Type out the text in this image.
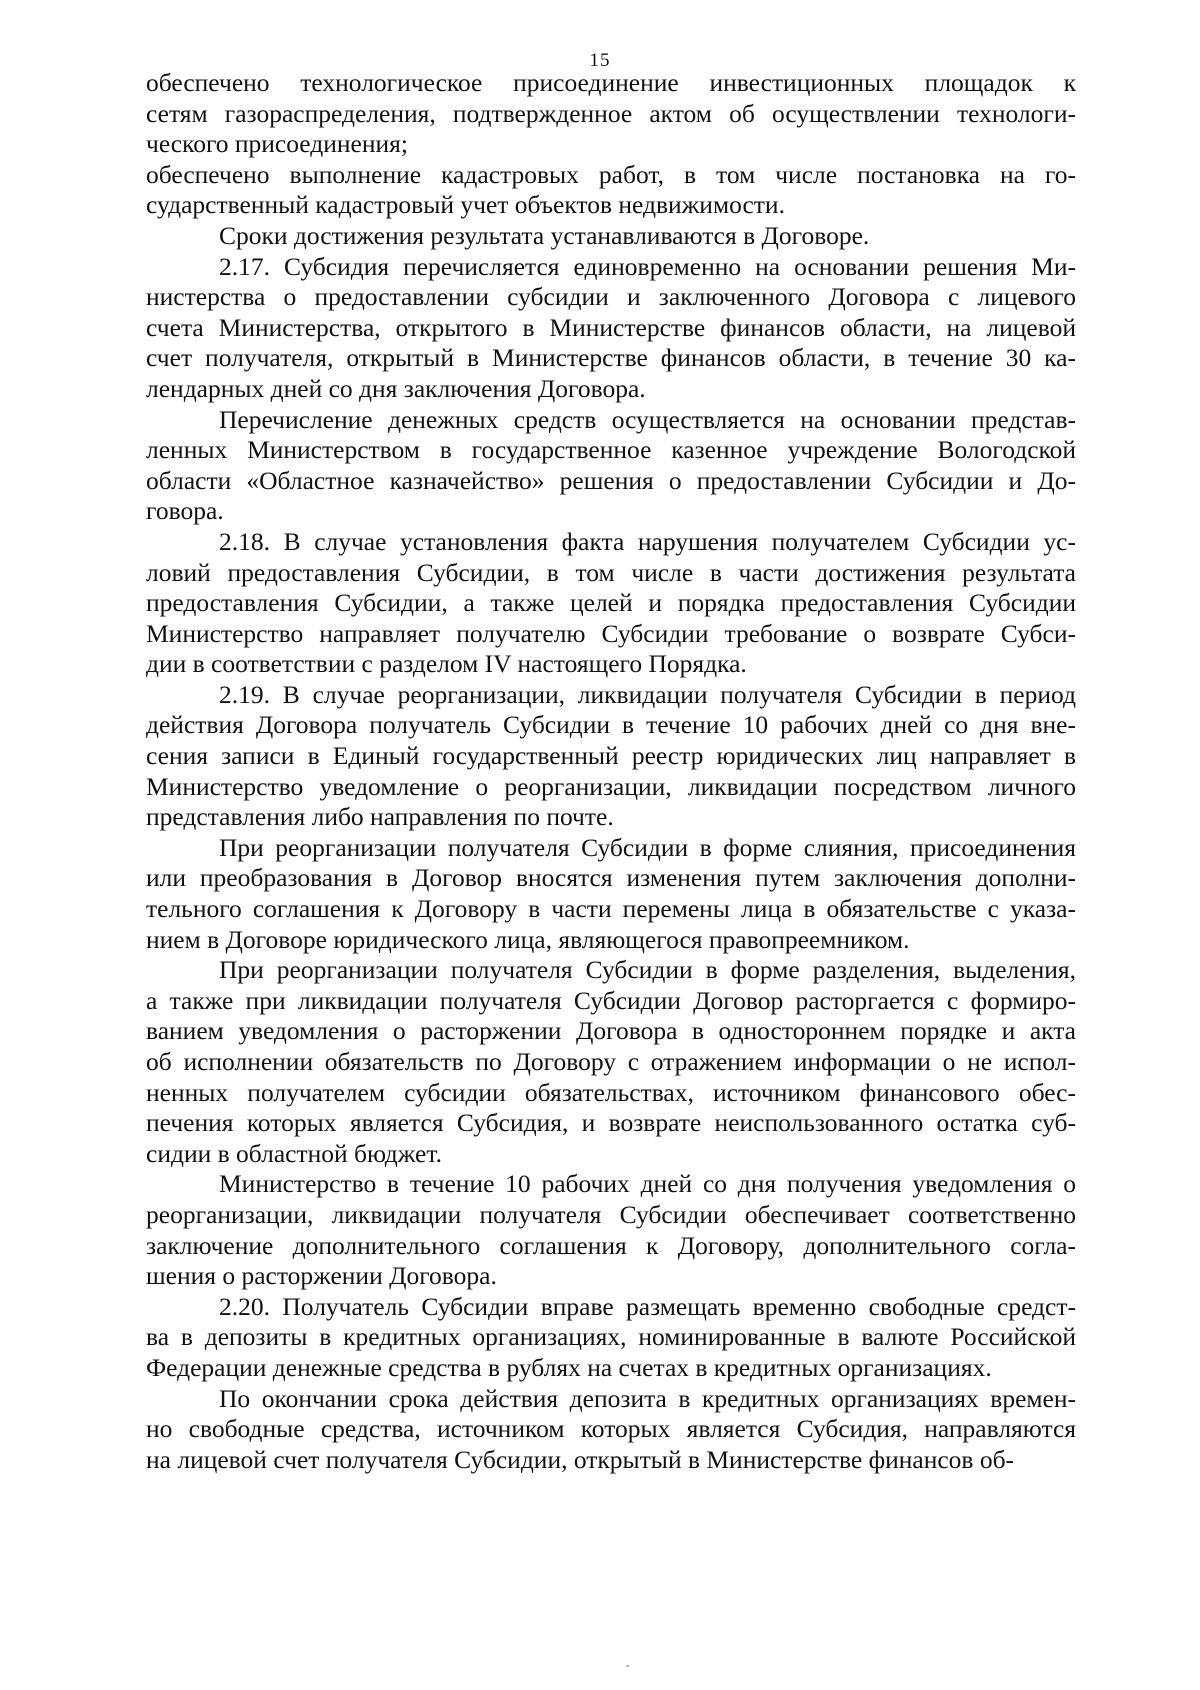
15
обеспечено технологическое присоединение инвестиционных площадок к
сетям газораспределения, подтвержденное актом об осуществлении технологи-
ческого присоединения;
обеспечено выполнение кадастровых работ, в том числе постановка на го-
сударственный кадастровый учет объектов недвижимости.
Сроки достижения результата устанавливаются в Договоре.
2.17. Субсидия перечисляется единовременно на основании решения Ми-
нистерства о предоставлении субсидии и заключенного Договора с лицевого
счета Министерства, открытого в Министерстве финансов области, на лицевой
счет получателя, открытый в Министерстве финансов области, в течение 30 ка-
лендарных дней со дня заключения Договора.
Перечисление денежных средств осуществляется на основании представ-
ленных Министерством в государственное казенное учреждение Вологодской
области «Областное казначейство» решения о предоставлении Субсидии и До-
говора.
2.18. В случае установления факта нарушения получателем Субсидии ус-
ловий предоставления Субсидии, в том числе в части достижения результата
предоставления Субсидии, а также целей и порядка предоставления Субсидии
Министерство направляет получателю Субсидии требование о возврате Субси-
дии в соответствии с разделом IV настоящего Порядка.
2.19. В случае реорганизации, ликвидации получателя Субсидии в период
действия Договора получатель Субсидии в течение 10 рабочих дней со дня вне-
сения записи в Единый государственный реестр юридических лиц направляет в
Министерство уведомление о реорганизации, ликвидации посредством личного
представления либо направления по почте.
При реорганизации получателя Субсидии в форме слияния, присоединения
или преобразования в Договор вносятся изменения путем заключения дополни-
тельного соглашения к Договору в части перемены лица в обязательстве с указа-
нием в Договоре юридического лица, являющегося правопреемником.
При реорганизации получателя Субсидии в форме разделения, выделения,
а также при ликвидации получателя Субсидии Договор расторгается с формиро-
ванием уведомления о расторжении Договора в одностороннем порядке и акта
об исполнении обязательств по Договору с отражением информации о не испол-
ненных получателем субсидии обязательствах, источником финансового обес-
печения которых является Субсидия, и возврате неиспользованного остатка суб-
сидии в областной бюджет.
Министерство в течение 10 рабочих дней со дня получения уведомления о
реорганизации, ликвидации получателя Субсидии обеспечивает соответственно
заключение дополнительного соглашения к Договору, дополнительного согла-
шения о расторжении Договора.
2.20. Получатель Субсидии вправе размещать временно свободные средст-
ва в депозиты в кредитных организациях, номинированные в валюте Российской
Федерации денежные средства в рублях на счетах в кредитных организациях.
По окончании срока действия депозита в кредитных организациях времен-
но свободные средства, источником которых является Субсидия, направляются
на лицевой счет получателя Субсидии, открытый в Министерстве финансов об-
